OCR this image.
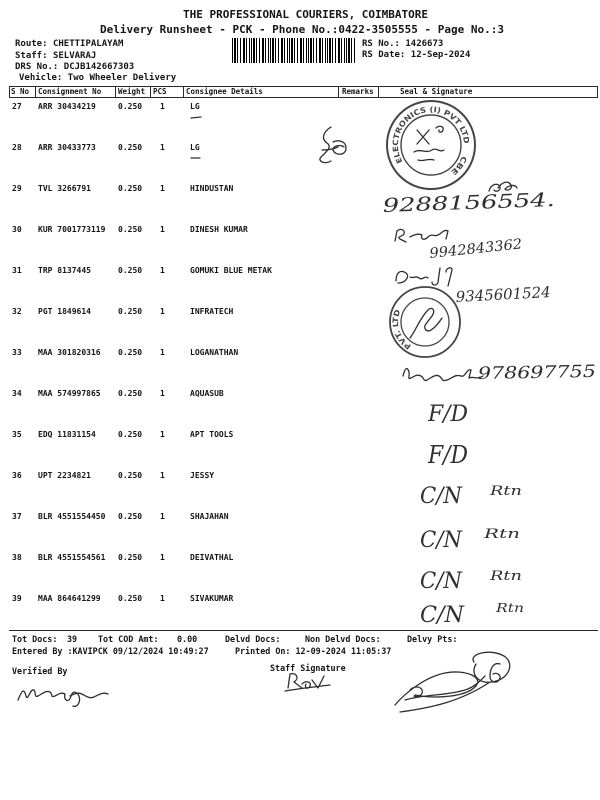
THE PROFESSIONAL COURIERS, COIMBATORE
Delivery Runsheet - PCK - Phone No.:0422-3505555 - Page No.:3
Route: CHETTIPALAYAM
Staff: SELVARAJ
DRS No.: DCJB142667303
Vehicle: Two Wheeler Delivery
RS No.: 1426673
RS Date: 12-Sep-2024
S No Consignment No Weight PCS	Consignee Details	Remarks	Seal & Signature
27 ARR 30434219	0.250 1	LG
28 ARR 30433773	0.250 1	LG
29 TVL 3266791	0.250 1	HINDUSTAN
30 KUR 7001773119 0.250 1	DINESH KUMAR
31 TRP 8137445	0.250 1	GOMUKI BLUE METAK
32 PGT 1849614	0.250 1	INFRATECH
33 MAA 301820316 0.250 1	LOGANATHAN
34 MAA 574997865 0.250 1	AQUASUB
35 EDQ 11831154	0.250 1	APT TOOLS
36 UPT 2234821	0.250 1	JESSY
37 BLR 4551554450 0.250 1	SHAJAHAN
38 BLR 4551554561 0.250 1	DEIVATHAL
39 MAA 864641299 0.250 1	SIVAKUMAR
Tot Docs: 39 Tot COD Amt: 0.00	Delvd Docs:	Non Delvd Docs:	Delvy Pts:
Entered By :KAVIPCK 09/12/2024 10:49:27	Printed On: 12-09-2024 11:05:37
Verified By	Staff Signature
ELECTRONICS (I) PVT LTD
CBE
9288156554.
9942843362
9345601524
PVT. LTD
978697755
F/D
F/D
C/N Rtn
C/N Rtn
C/N Rtn
C/N Rtn
